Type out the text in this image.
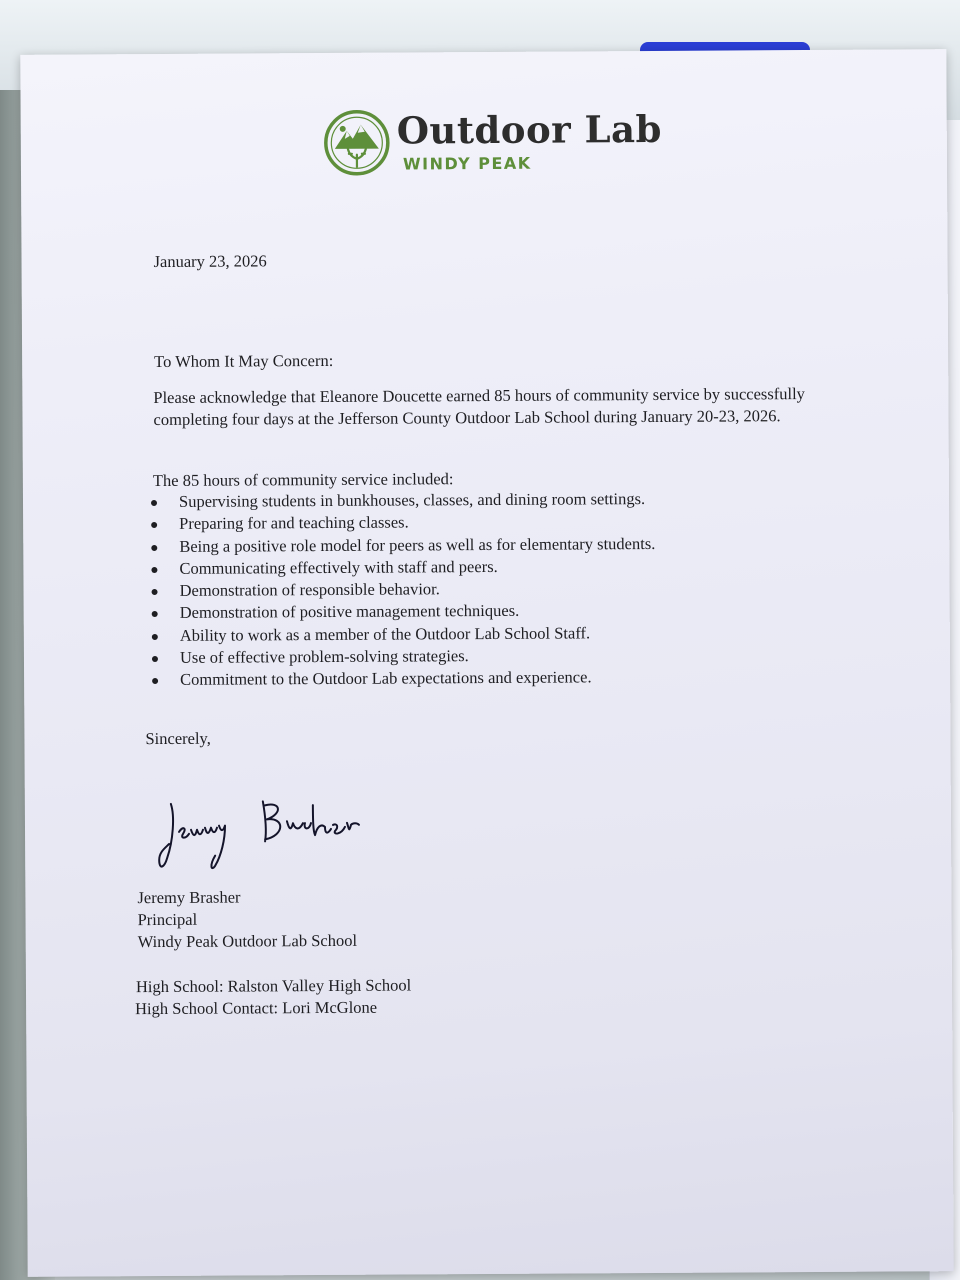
Outdoor Lab
WINDY PEAK
January 23, 2026
To Whom It May Concern:
Please acknowledge that Eleanore Doucette earned 85 hours of community service by successfully completing four days at the Jefferson County Outdoor Lab School during January 20-23, 2026.
The 85 hours of community service included:
Supervising students in bunkhouses, classes, and dining room settings.
Preparing for and teaching classes.
Being a positive role model for peers as well as for elementary students.
Communicating effectively with staff and peers.
Demonstration of responsible behavior.
Demonstration of positive management techniques.
Ability to work as a member of the Outdoor Lab School Staff.
Use of effective problem-solving strategies.
Commitment to the Outdoor Lab expectations and experience.
Sincerely,
Jeremy Brasher
Principal
Windy Peak Outdoor Lab School
High School: Ralston Valley High School
High School Contact: Lori McGlone
